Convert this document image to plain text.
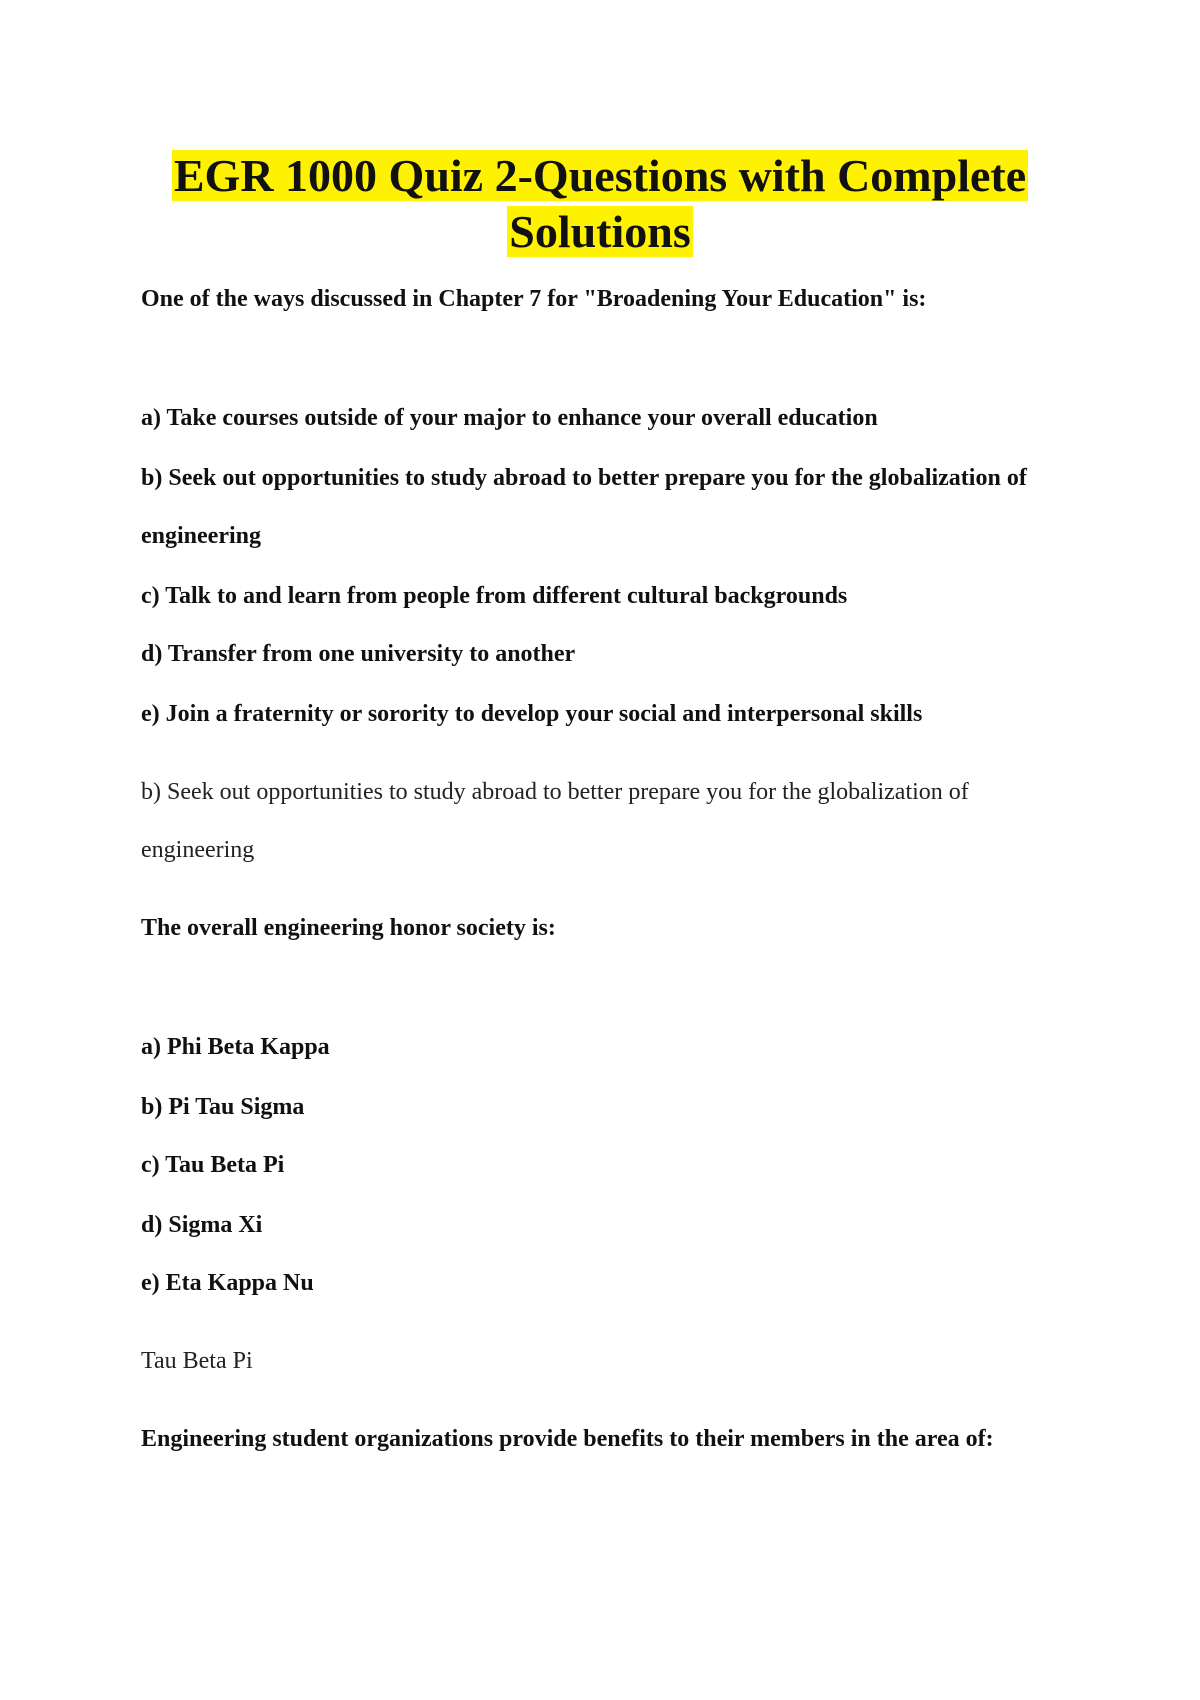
EGR 1000 Quiz 2-Questions with Complete
Solutions
One of the ways discussed in Chapter 7 for "Broadening Your Education" is:
a) Take courses outside of your major to enhance your overall education
b) Seek out opportunities to study abroad to better prepare you for the globalization of
engineering
c) Talk to and learn from people from different cultural backgrounds
d) Transfer from one university to another
e) Join a fraternity or sorority to develop your social and interpersonal skills
b) Seek out opportunities to study abroad to better prepare you for the globalization of
engineering
The overall engineering honor society is:
a) Phi Beta Kappa
b) Pi Tau Sigma
c) Tau Beta Pi
d) Sigma Xi
e) Eta Kappa Nu
Tau Beta Pi
Engineering student organizations provide benefits to their members in the area of:
